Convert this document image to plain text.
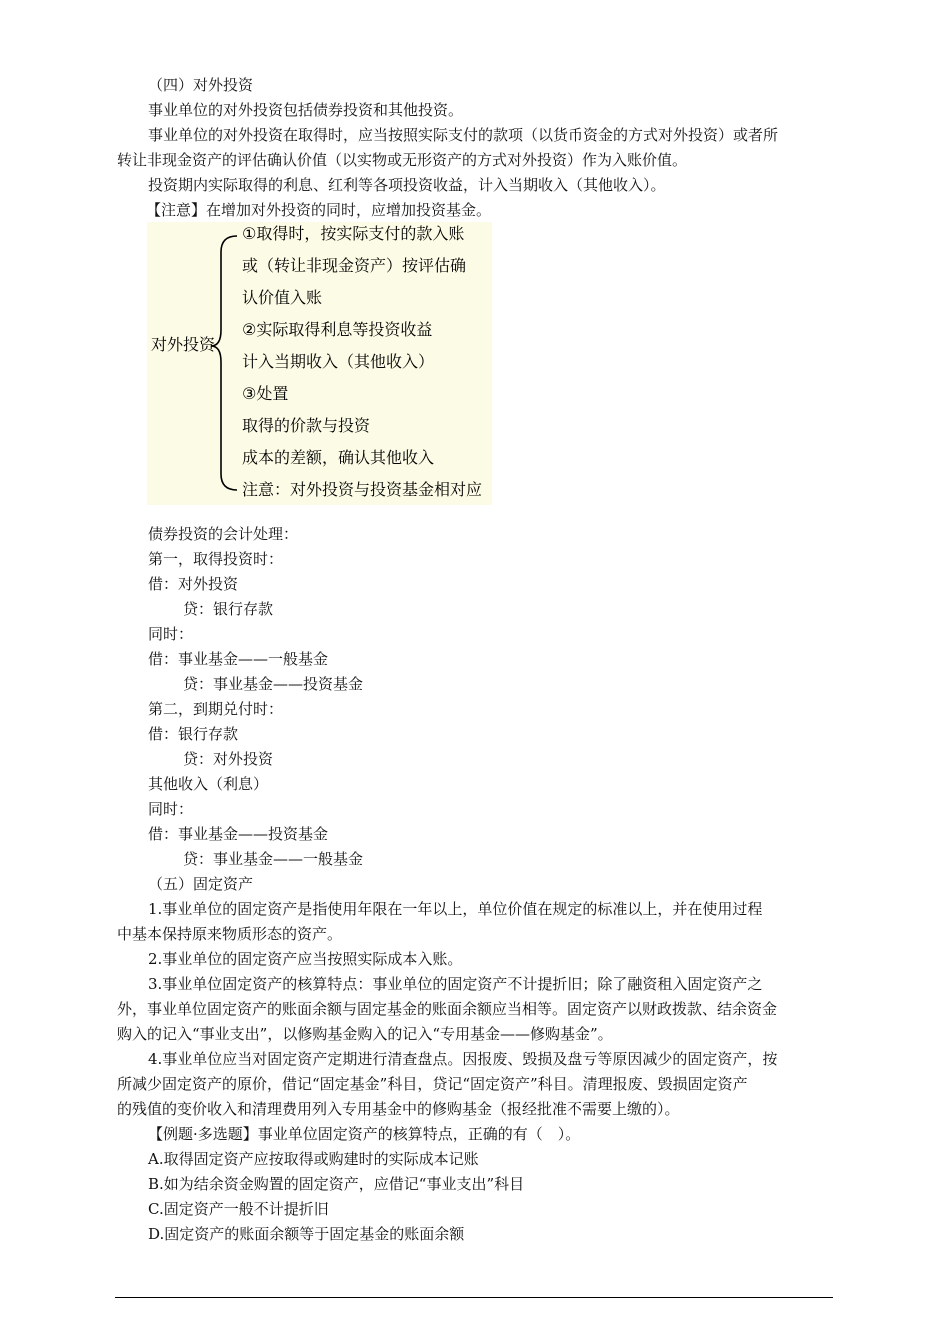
（四）对外投资
事业单位的对外投资包括债券投资和其他投资。
事业单位的对外投资在取得时，应当按照实际支付的款项（以货币资金的方式对外投资）或者所
转让非现金资产的评估确认价值（以实物或无形资产的方式对外投资）作为入账价值。
投资期内实际取得的利息、红利等各项投资收益，计入当期收入（其他收入）。
【注意】在增加对外投资的同时，应增加投资基金。
对外投资
①取得时，按实际支付的款入账
或（转让非现金资产）按评估确
认价值入账
②实际取得利息等投资收益
计入当期收入（其他收入）
③处置
取得的价款与投资
成本的差额，确认其他收入
注意：对外投资与投资基金相对应
债券投资的会计处理：
第一，取得投资时：
借：对外投资
贷：银行存款
同时：
借：事业基金——一般基金
贷：事业基金——投资基金
第二，到期兑付时：
借：银行存款
贷：对外投资
其他收入（利息）
同时：
借：事业基金——投资基金
贷：事业基金——一般基金
（五）固定资产
1.事业单位的固定资产是指使用年限在一年以上，单位价值在规定的标准以上，并在使用过程
中基本保持原来物质形态的资产。
2.事业单位的固定资产应当按照实际成本入账。
3.事业单位固定资产的核算特点：事业单位的固定资产不计提折旧；除了融资租入固定资产之
外，事业单位固定资产的账面余额与固定基金的账面余额应当相等。固定资产以财政拨款、结余资金
购入的记入“事业支出”，以修购基金购入的记入“专用基金——修购基金”。
4.事业单位应当对固定资产定期进行清查盘点。因报废、毁损及盘亏等原因减少的固定资产，按
所减少固定资产的原价，借记“固定基金”科目，贷记“固定资产”科目。清理报废、毁损固定资产
的残值的变价收入和清理费用列入专用基金中的修购基金（报经批准不需要上缴的）。
【例题·多选题】事业单位固定资产的核算特点，正确的有（　）。
A.取得固定资产应按取得或购建时的实际成本记账
B.如为结余资金购置的固定资产，应借记“事业支出”科目
C.固定资产一般不计提折旧
D.固定资产的账面余额等于固定基金的账面余额
